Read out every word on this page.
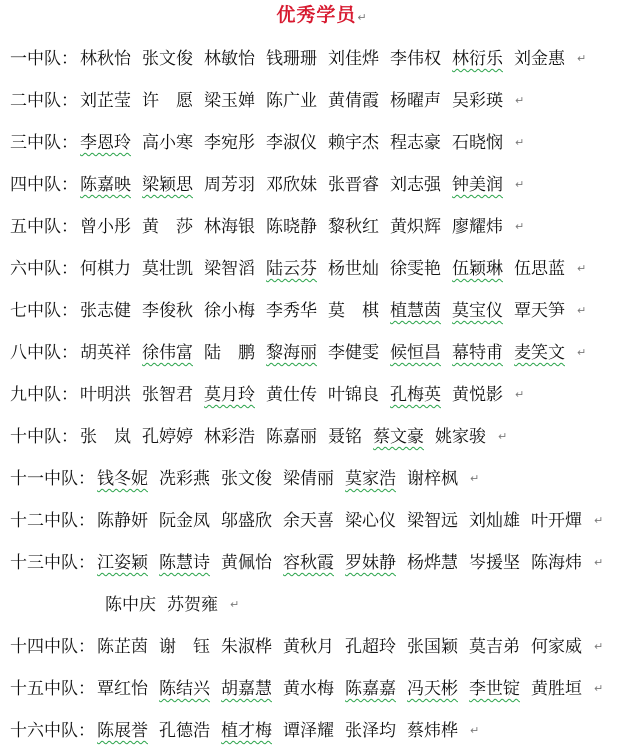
优秀学员↵
一中队： 林秋怡 张文俊 林敏怡 钱珊珊 刘佳烨 李伟权 林衍乐 刘金惠 ↵
二中队： 刘芷莹 许　愿 梁玉婵 陈广业 黄倩霞 杨曜声 吴彩瑛 ↵
三中队： 李恩玲 高小寒 李宛彤 李淑仪 赖宇杰 程志豪 石晓悯 ↵
四中队： 陈嘉映 梁颖思 周芳羽 邓欣妹 张晋睿 刘志强 钟美润 ↵
五中队： 曾小彤 黄　莎 林海银 陈晓静 黎秋红 黄炽辉 廖耀炜 ↵
六中队： 何棋力 莫壮凯 梁智滔 陆云芬 杨世灿 徐雯艳 伍颖琳 伍思蓝 ↵
七中队： 张志健 李俊秋 徐小梅 李秀华 莫　棋 植慧茵 莫宝仪 覃天笋 ↵
八中队： 胡英祥 徐伟富 陆　鹏 黎海丽 李健雯 候恒昌 幕特甫 麦笑文 ↵
九中队： 叶明洪 张智君 莫月玲 黄仕传 叶锦良 孔梅英 黄悦影 ↵
十中队： 张　岚 孔婷婷 林彩浩 陈嘉丽 聂铭 蔡文豪 姚家骏 ↵
十一中队： 钱冬妮 冼彩燕 张文俊 梁倩丽 莫家浩 谢梓枫 ↵
十二中队： 陈静妍 阮金凤 邬盛欣 余天喜 梁心仪 梁智远 刘灿雄 叶开燀 ↵
十三中队： 江姿颖 陈慧诗 黄佩怡 容秋霞 罗妹静 杨烨慧 岑援坚 陈海炜 ↵
陈中庆 苏贺雍 ↵
十四中队： 陈芷茵 谢　钰 朱淑桦 黄秋月 孔超玲 张国颖 莫吉弟 何家威 ↵
十五中队： 覃红怡 陈结兴 胡嘉慧 黄水梅 陈嘉嘉 冯天彬 李世锭 黄胜垣 ↵
十六中队： 陈展誉 孔德浩 植才梅 谭泽耀 张泽均 蔡炜桦 ↵
